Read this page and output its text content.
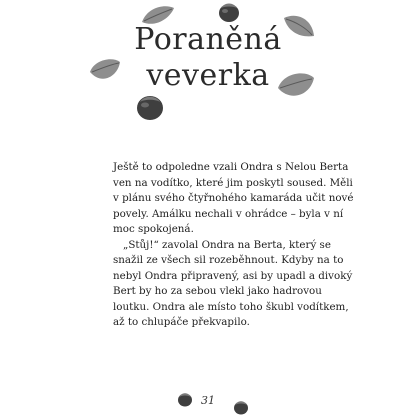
Poraněná
veverka
Ještě to odpoledne vzali Ondra s Nelou Berta
ven na vodítko, které jim poskytl soused. Měli
v plánu svého čtyřnohého kamaráda učit nové
povely. Amálku nechali v ohrádce – byla v ní
moc spokojená.
„Stůj!“ zavolal Ondra na Berta, který se
snažil ze všech sil rozeběhnout. Kdyby na to
nebyl Ondra připravený, asi by upadl a divoký
Bert by ho za sebou vlekl jako hadrovou
loutku. Ondra ale místo toho škubl vodítkem,
až to chlupáče překvapilo.
31
